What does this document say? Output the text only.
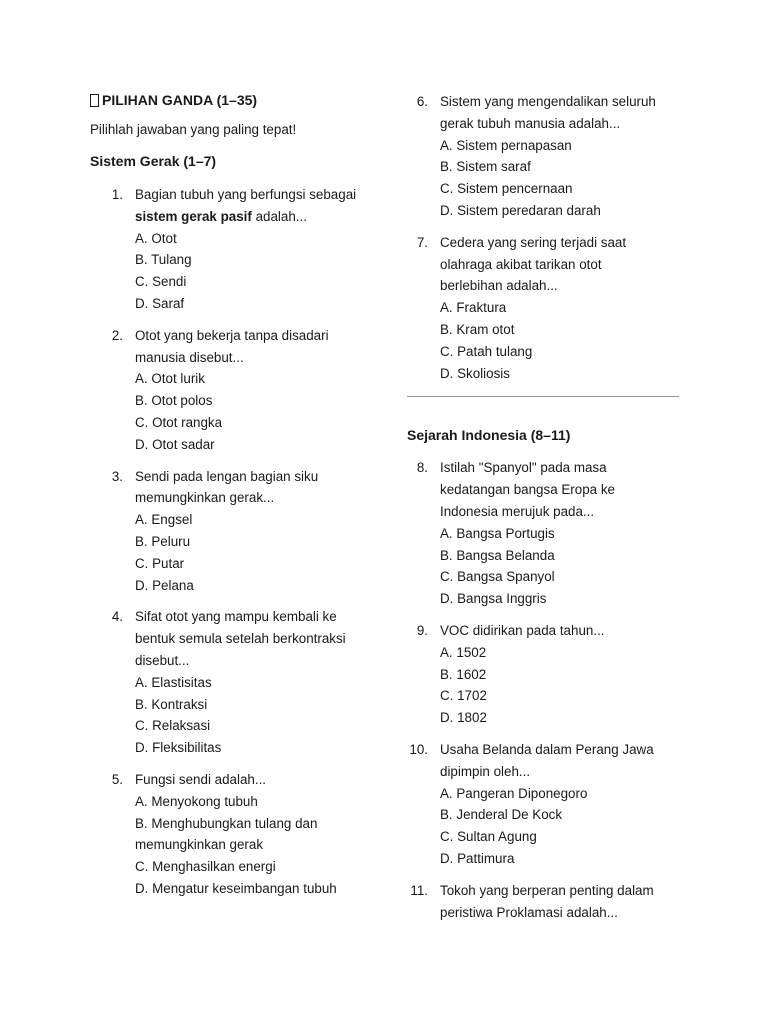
PILIHAN GANDA (1–35)
Pilihlah jawaban yang paling tepat!
Sistem Gerak (1–7)
1. Bagian tubuh yang berfungsi sebagai sistem gerak pasif adalah...
A. Otot
B. Tulang
C. Sendi
D. Saraf
2. Otot yang bekerja tanpa disadari manusia disebut...
A. Otot lurik
B. Otot polos
C. Otot rangka
D. Otot sadar
3. Sendi pada lengan bagian siku memungkinkan gerak...
A. Engsel
B. Peluru
C. Putar
D. Pelana
4. Sifat otot yang mampu kembali ke bentuk semula setelah berkontraksi disebut...
A. Elastisitas
B. Kontraksi
C. Relaksasi
D. Fleksibilitas
5. Fungsi sendi adalah...
A. Menyokong tubuh
B. Menghubungkan tulang dan memungkinkan gerak
C. Menghasilkan energi
D. Mengatur keseimbangan tubuh
6. Sistem yang mengendalikan seluruh gerak tubuh manusia adalah...
A. Sistem pernapasan
B. Sistem saraf
C. Sistem pencernaan
D. Sistem peredaran darah
7. Cedera yang sering terjadi saat olahraga akibat tarikan otot berlebihan adalah...
A. Fraktura
B. Kram otot
C. Patah tulang
D. Skoliosis
Sejarah Indonesia (8–11)
8. Istilah "Spanyol" pada masa kedatangan bangsa Eropa ke Indonesia merujuk pada...
A. Bangsa Portugis
B. Bangsa Belanda
C. Bangsa Spanyol
D. Bangsa Inggris
9. VOC didirikan pada tahun...
A. 1502
B. 1602
C. 1702
D. 1802
10. Usaha Belanda dalam Perang Jawa dipimpin oleh...
A. Pangeran Diponegoro
B. Jenderal De Kock
C. Sultan Agung
D. Pattimura
11. Tokoh yang berperan penting dalam peristiwa Proklamasi adalah...
